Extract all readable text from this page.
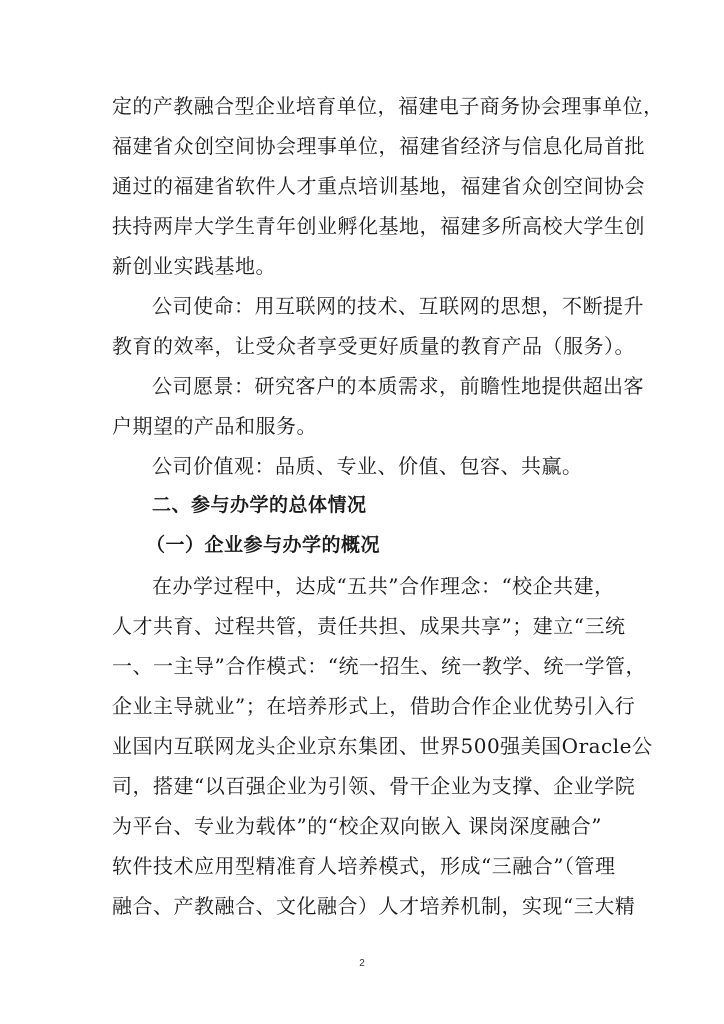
定的产教融合型企业培育单位，福建电子商务协会理事单位，
福建省众创空间协会理事单位，福建省经济与信息化局首批
通过的福建省软件人才重点培训基地，福建省众创空间协会
扶持两岸大学生青年创业孵化基地，福建多所高校大学生创
新创业实践基地。
公司使命：用互联网的技术、互联网的思想，不断提升
教育的效率，让受众者享受更好质量的教育产品（服务）。
公司愿景：研究客户的本质需求，前瞻性地提供超出客
户期望的产品和服务。
公司价值观：品质、专业、价值、包容、共赢。
二、参与办学的总体情况
（一）企业参与办学的概况
在办学过程中，达成“五共”合作理念：“校企共建，
人才共育、过程共管，责任共担、成果共享”；建立“三统
一、一主导”合作模式：“统一招生、统一教学、统一学管，
企业主导就业”；在培养形式上，借助合作企业优势引入行
业国内互联网龙头企业京东集团、世界500强美国Oracle公
司，搭建“以百强企业为引领、骨干企业为支撑、企业学院
为平台、专业为载体”的“校企双向嵌入 课岗深度融合”
软件技术应用型精准育人培养模式，形成“三融合”（管理
融合、产教融合、文化融合）人才培养机制，实现“三大精
2
